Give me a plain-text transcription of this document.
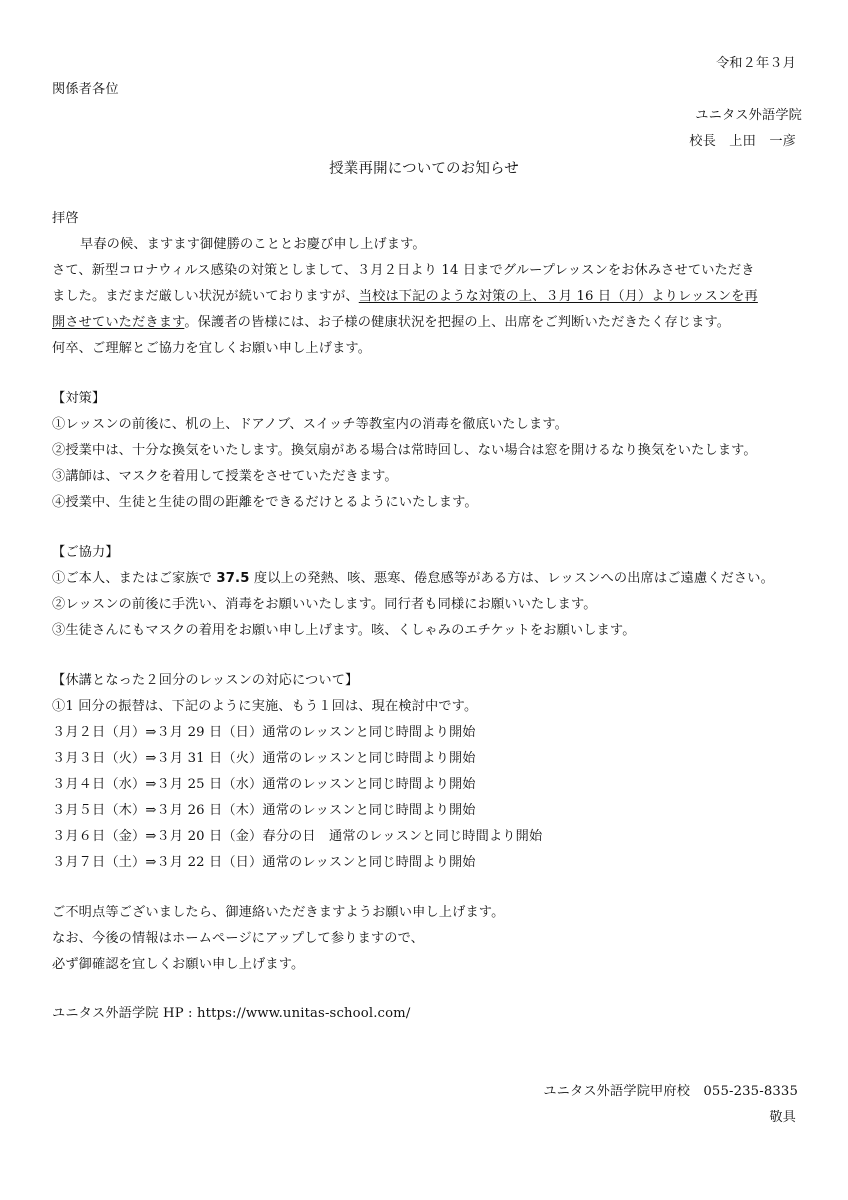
令和２年３月
関係者各位
ユニタス外語学院
校長　上田　一彦
授業再開についてのお知らせ
拝啓
早春の候、ますます御健勝のこととお慶び申し上げます。
さて、新型コロナウィルス感染の対策としまして、３月２日より 14 日までグループレッスンをお休みさせていただき
ました。まだまだ厳しい状況が続いておりますが、当校は下記のような対策の上、３月 16 日（月）よりレッスンを再
開させていただきます。保護者の皆様には、お子様の健康状況を把握の上、出席をご判断いただきたく存じます。
何卒、ご理解とご協力を宜しくお願い申し上げます。
【対策】
①レッスンの前後に、机の上、ドアノブ、スイッチ等教室内の消毒を徹底いたします。
②授業中は、十分な換気をいたします。換気扇がある場合は常時回し、ない場合は窓を開けるなり換気をいたします。
③講師は、マスクを着用して授業をさせていただきます。
④授業中、生徒と生徒の間の距離をできるだけとるようにいたします。
【ご協力】
①ご本人、またはご家族で 37.5 度以上の発熱、咳、悪寒、倦怠感等がある方は、レッスンへの出席はご遠慮ください。
②レッスンの前後に手洗い、消毒をお願いいたします。同行者も同様にお願いいたします。
③生徒さんにもマスクの着用をお願い申し上げます。咳、くしゃみのエチケットをお願いします。
【休講となった２回分のレッスンの対応について】
①1 回分の振替は、下記のように実施、もう１回は、現在検討中です。
３月２日（月）⇒３月 29 日（日）通常のレッスンと同じ時間より開始
３月３日（火）⇒３月 31 日（火）通常のレッスンと同じ時間より開始
３月４日（水）⇒３月 25 日（水）通常のレッスンと同じ時間より開始
３月５日（木）⇒３月 26 日（木）通常のレッスンと同じ時間より開始
３月６日（金）⇒３月 20 日（金）春分の日　通常のレッスンと同じ時間より開始
３月７日（土）⇒３月 22 日（日）通常のレッスンと同じ時間より開始
ご不明点等ございましたら、御連絡いただきますようお願い申し上げます。
なお、今後の情報はホームページにアップして参りますので、
必ず御確認を宜しくお願い申し上げます。
ユニタス外語学院 HP : https://www.unitas-school.com/
ユニタス外語学院甲府校　055-235-8335
敬具
